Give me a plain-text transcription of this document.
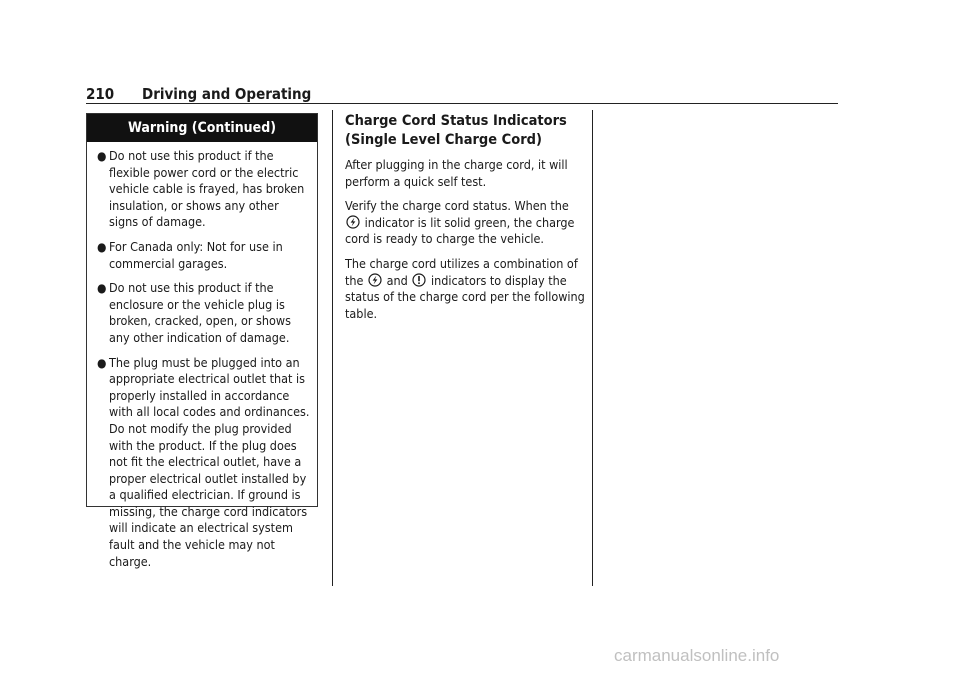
210	Driving and Operating
Warning (Continued)
● Do not use this product if the flexible power cord or the electric vehicle cable is frayed, has broken insulation, or shows any other signs of damage.
● For Canada only: Not for use in commercial garages.
● Do not use this product if the enclosure or the vehicle plug is broken, cracked, open, or shows any other indication of damage.
● The plug must be plugged into an appropriate electrical outlet that is properly installed in accordance with all local codes and ordinances. Do not modify the plug provided with the product. If the plug does not fit the electrical outlet, have a proper electrical outlet installed by a qualified electrician. If ground is missing, the charge cord indicators will indicate an electrical system fault and the vehicle may not charge.
Charge Cord Status Indicators (Single Level Charge Cord)

After plugging in the charge cord, it will perform a quick self test.

Verify the charge cord status. When the  indicator is lit solid green, the charge cord is ready to charge the vehicle.

The charge cord utilizes a combination of the and indicators to display the status of the charge cord per the following table.

carmanualsonline.info
